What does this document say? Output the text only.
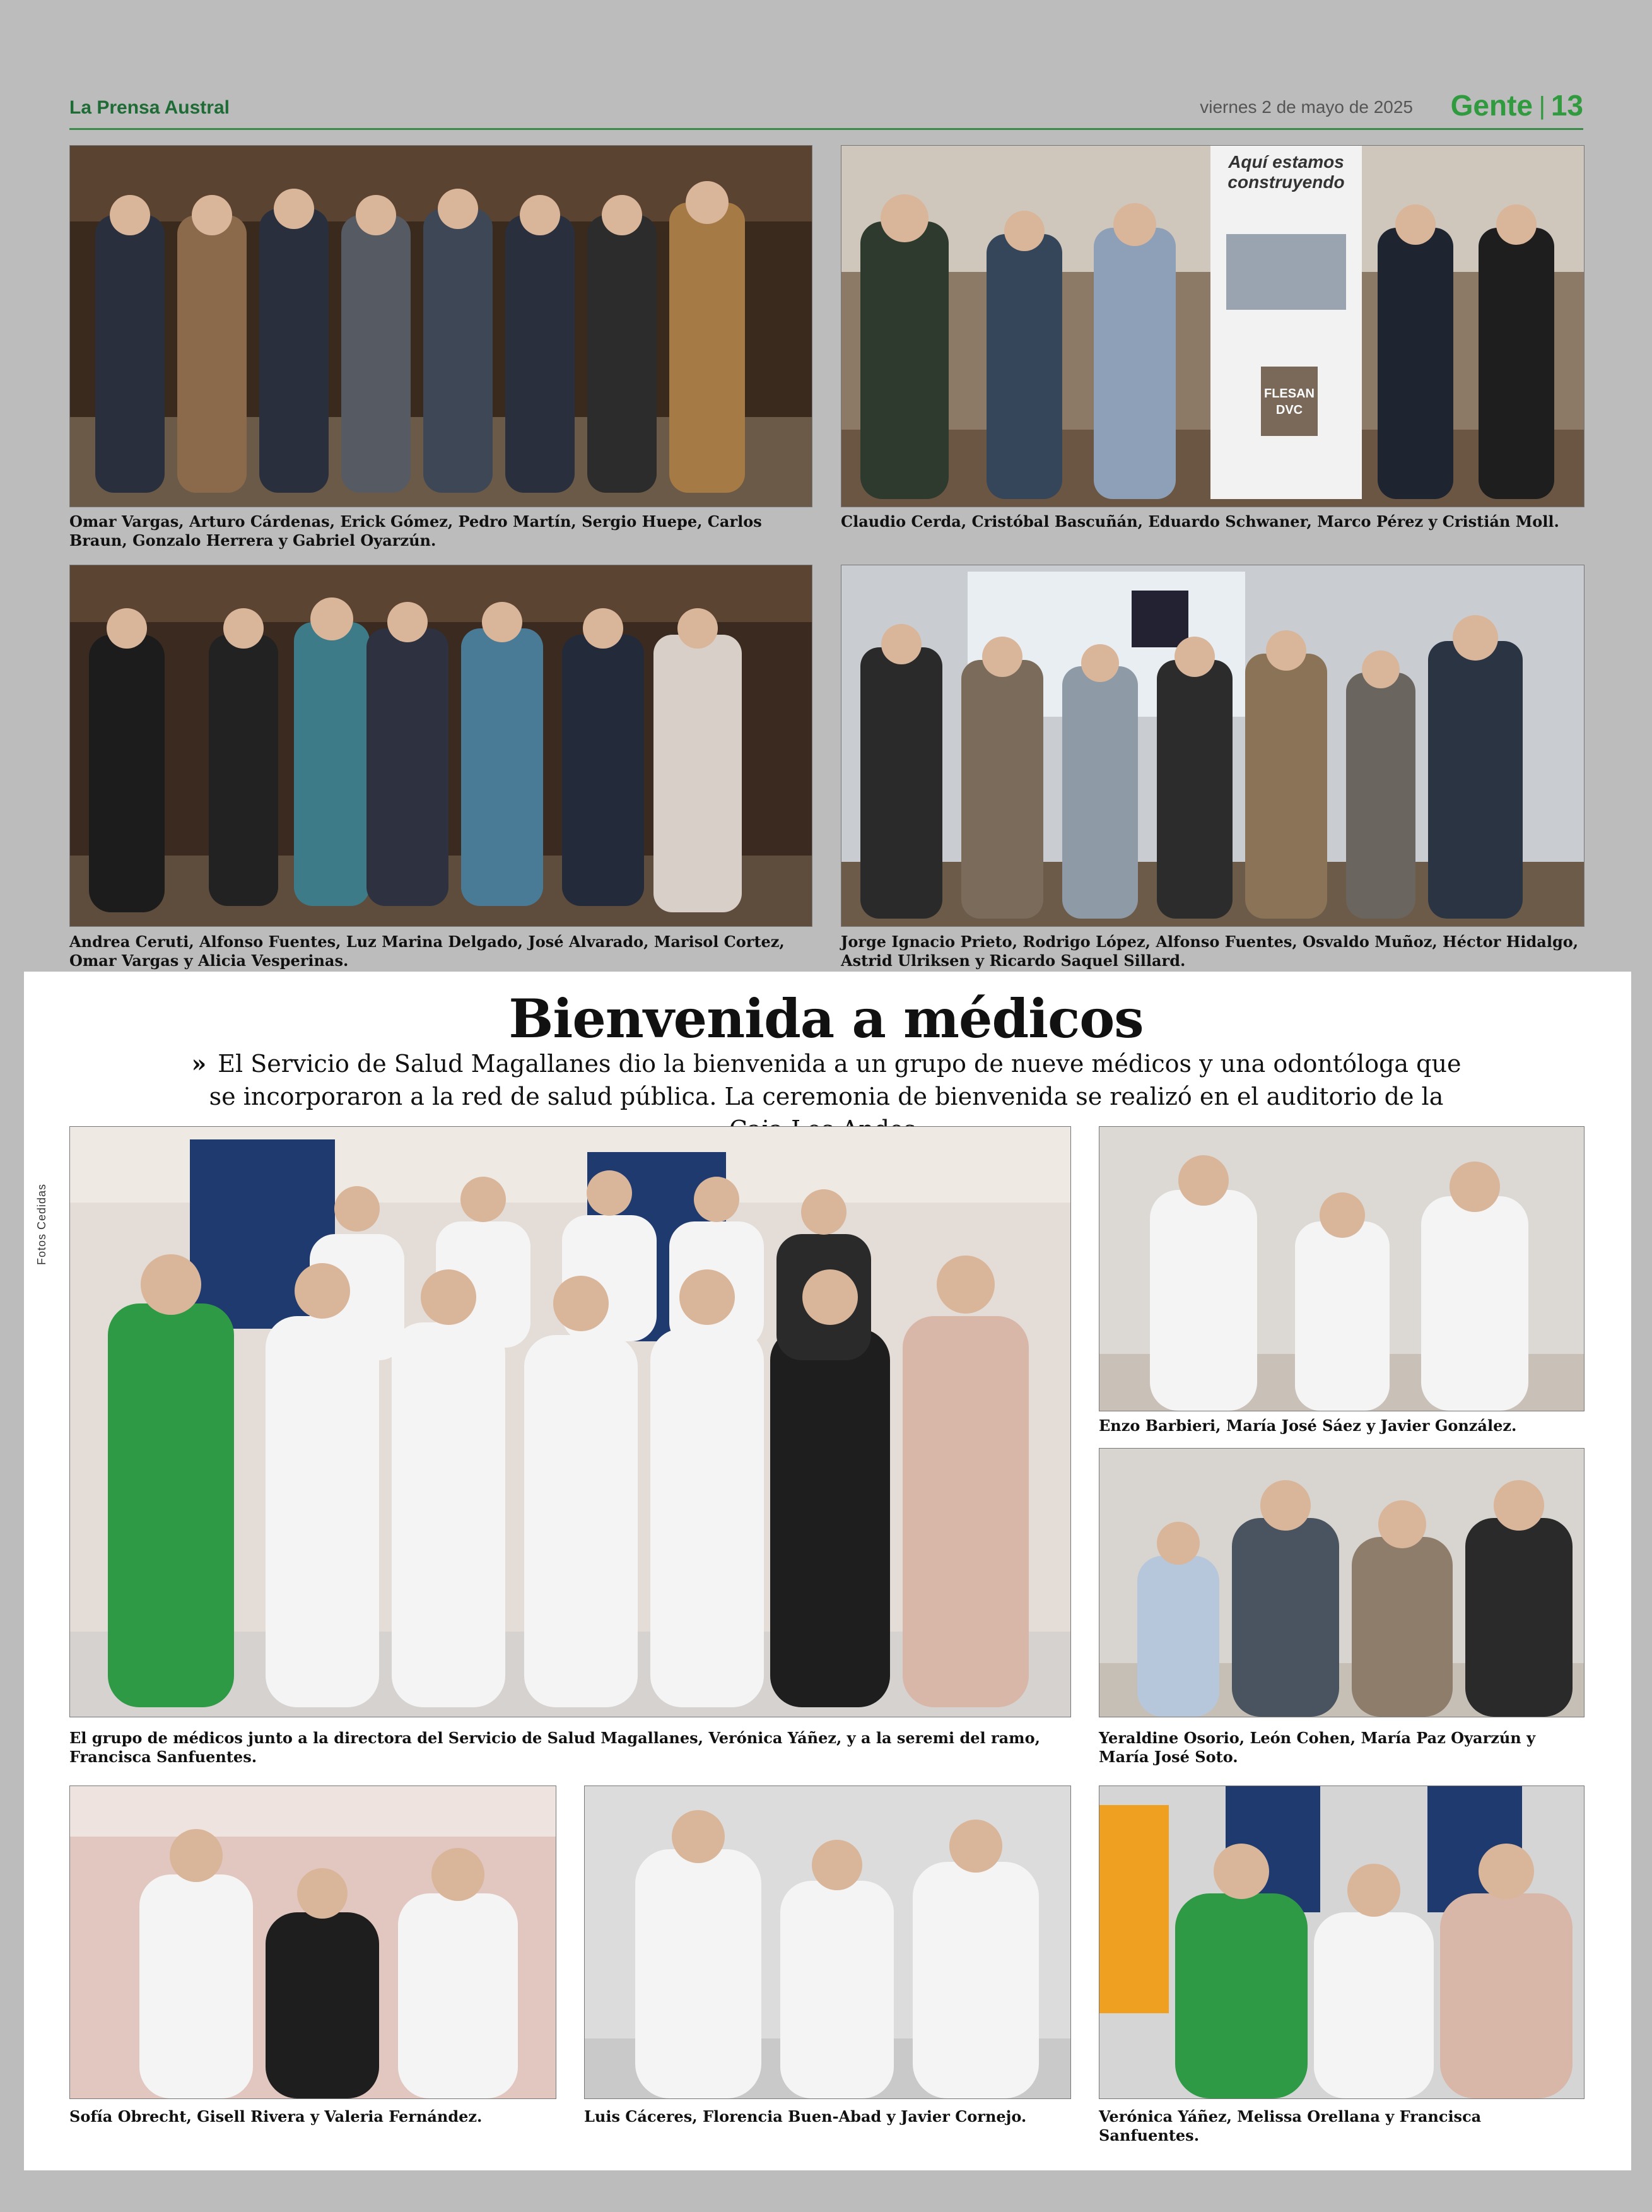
La Prensa Austral	viernes 2 de mayo de 2025 Gente | 13
Omar Vargas, Arturo Cárdenas, Erick Gómez, Pedro Martín, Sergio Huepe, Carlos Braun, Gonzalo Herrera y Gabriel Oyarzún.
Aquí estamos construyendo
FLESAN DVC
Claudio Cerda, Cristóbal Bascuñán, Eduardo Schwaner, Marco Pérez y Cristián Moll.
Andrea Ceruti, Alfonso Fuentes, Luz Marina Delgado, José Alvarado, Marisol Cortez, Omar Vargas y Alicia Vesperinas.
Jorge Ignacio Prieto, Rodrigo López, Alfonso Fuentes, Osvaldo Muñoz, Héctor Hidalgo, Astrid Ulriksen y Ricardo Saquel Sillard.
Bienvenida a médicos
» El Servicio de Salud Magallanes dio la bienvenida a un grupo de nueve médicos y una odontóloga que se incorporaron a la red de salud pública. La ceremonia de bienvenida se realizó en el auditorio de la
Fotos Cedidas
El grupo de médicos junto a la directora del Servicio de Salud Magallanes, Verónica Yáñez, y a la seremi del ramo, Francisca Sanfuentes.
Enzo Barbieri, María José Sáez y Javier González.
Yeraldine Osorio, León Cohen, María Paz Oyarzún y María José Soto.
Sofía Obrecht, Gisell Rivera y Valeria Fernández.	Luis Cáceres, Florencia Buen-Abad y Javier Cornejo.	Verónica Yáñez, Melissa Orellana y Francisca Sanfuentes.
